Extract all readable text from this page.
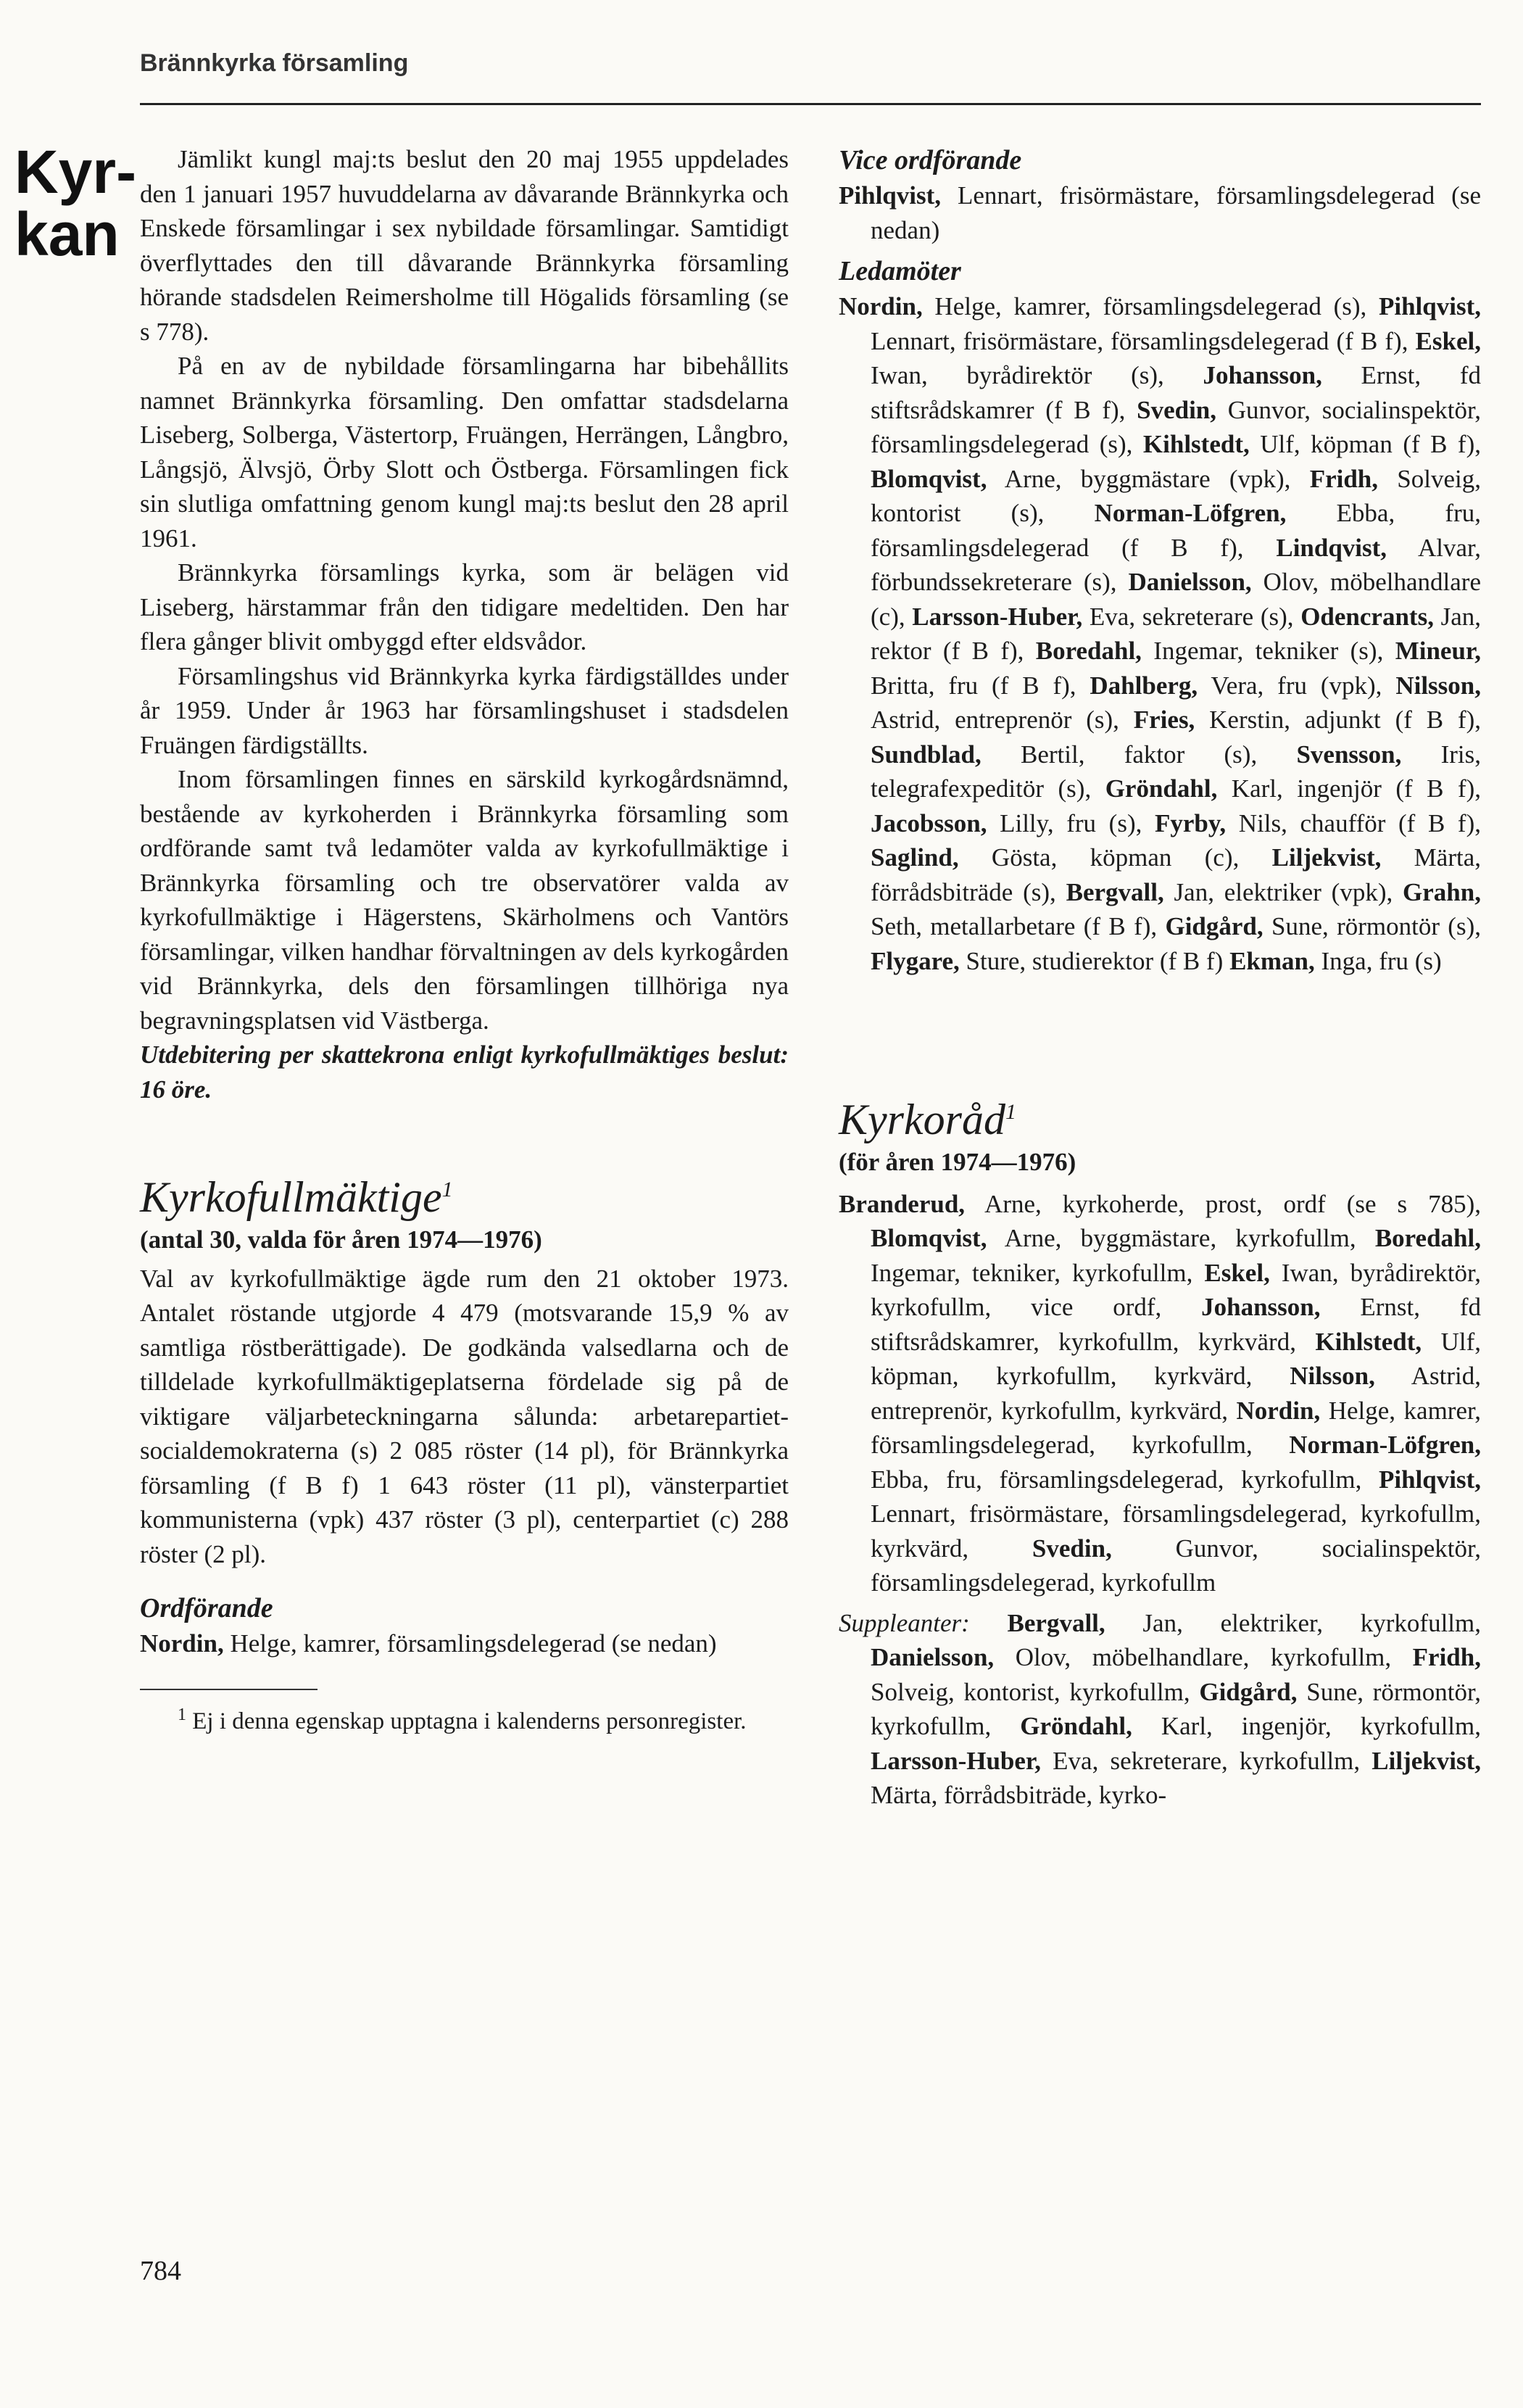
Brännkyrka församling
Kyr-
kan

Jämlikt kungl maj:ts beslut den 20 maj 1955 uppdelades den 1 januari 1957 huvuddelarna av dåvarande Brännkyrka och Enskede församlingar i sex nybildade församlingar. Samtidigt överflyttades den till dåvarande Brännkyrka församling hörande stadsdelen Reimersholme till Högalids församling (se s 778).

På en av de nybildade församlingarna har bibehållits namnet Brännkyrka församling. Den omfattar stadsdelarna Liseberg, Solberga, Västertorp, Fruängen, Herrängen, Långbro, Långsjö, Älvsjö, Örby Slott och Östberga. Församlingen fick sin slutliga omfattning genom kungl maj:ts beslut den 28 april 1961.

Brännkyrka församlings kyrka, som är belägen vid Liseberg, härstammar från den tidigare medeltiden. Den har flera gånger blivit ombyggd efter eldsvådor.

Församlingshus vid Brännkyrka kyrka färdigställdes under år 1959. Under år 1963 har församlingshuset i stadsdelen Fruängen färdigställts.

Inom församlingen finnes en särskild kyrkogårdsnämnd, bestående av kyrkoherden i Brännkyrka församling som ordförande samt två ledamöter valda av kyrkofullmäktige i Brännkyrka församling och tre observatörer valda av kyrkofullmäktige i Hägerstens, Skärholmens och Vantörs församlingar, vilken handhar förvaltningen av dels kyrkogården vid Brännkyrka, dels den församlingen tillhöriga nya begravningsplatsen vid Västberga.

Utdebitering per skattekrona enligt kyrkofullmäktiges beslut: 16 öre.

Kyrkofullmäktige$^1$

(antal 30, valda för åren 1974—1976)

Val av kyrkofullmäktige ägde rum den 21 oktober 1973. Antalet röstande utgjorde 4 479 (motsvarande 15,9 % av samtliga röstberättigade). De godkända valsedlarna och de tilldelade kyrkofullmäktigeplatserna fördelade sig på de viktigare väljarbeteckningarna sålunda: arbetarepartiet-socialdemokraterna (s) 2 085 röster (14 pl), för Brännkyrka församling (f B f) 1 643 röster (11 pl), vänsterpartiet kommunisterna (vpk) 437 röster (3 pl), centerpartiet (c) 288 röster (2 pl).

Ordförande

Nordin, Helge, kamrer, församlingsdelegerad (se nedan)

$^1$ Ej i denna egenskap upptagna i kalenderns personregister.

Vice ordförande

Pihlqvist, Lennart, frisörmästare, församlingsdelegerad (se nedan)

Ledamöter

Nordin, Helge, kamrer, församlingsdelegerad (s), Pihlqvist, Lennart, frisörmästare, församlingsdelegerad (f B f), Eskel, Iwan, byrådirektör (s), Johansson, Ernst, fd stiftsrådskamrer (f B f), Svedin, Gunvor, socialinspektör, församlingsdelegerad (s), Kihlstedt, Ulf, köpman (f B f), Blomqvist, Arne, byggmästare (vpk), Fridh, Solveig, kontorist (s), Norman-Löfgren, Ebba, fru, församlingsdelegerad (f B f), Lindqvist, Alvar, förbundssekreterare (s), Danielsson, Olov, möbelhandlare (c), Larsson-Huber, Eva, sekreterare (s), Odencrants, Jan, rektor (f B f), Boredahl, Ingemar, tekniker (s), Mineur, Britta, fru (f B f), Dahlberg, Vera, fru (vpk), Nilsson, Astrid, entreprenör (s), Fries, Kerstin, adjunkt (f B f), Sundblad, Bertil, faktor (s), Svensson, Iris, telegrafexpeditör (s), Gröndahl, Karl, ingenjör (f B f), Jacobsson, Lilly, fru (s), Fyrby, Nils, chaufför (f B f), Saglind, Gösta, köpman (c), Liljekvist, Märta, förrådsbiträde (s), Bergvall, Jan, elektriker (vpk), Grahn, Seth, metallarbetare (f B f), Gidgård, Sune, rörmontör (s), Flygare, Sture, studierektor (f B f) Ekman, Inga, fru (s)

Kyrkoråd$^1$

(för åren 1974—1976)

Branderud, Arne, kyrkoherde, prost, ordf (se s 785), Blomqvist, Arne, byggmästare, kyrkofullm, Boredahl, Ingemar, tekniker, kyrkofullm, Eskel, Iwan, byrådirektör, kyrkofullm, vice ordf, Johansson, Ernst, fd stiftsrådskamrer, kyrkofullm, kyrkvärd, Kihlstedt, Ulf, köpman, kyrkofullm, kyrkvärd, Nilsson, Astrid, entreprenör, kyrkofullm, kyrkvärd, Nordin, Helge, kamrer, församlingsdelegerad, kyrkofullm, Norman-Löfgren, Ebba, fru, församlingsdelegerad, kyrkofullm, Pihlqvist, Lennart, frisörmästare, församlingsdelegerad, kyrkofullm, kyrkvärd, Svedin, Gunvor, socialinspektör, församlingsdelegerad, kyrkofullm

Suppleanter: Bergvall, Jan, elektriker, kyrkofullm, Danielsson, Olov, möbelhandlare, kyrkofullm, Fridh, Solveig, kontorist, kyrkofullm, Gidgård, Sune, rörmontör, kyrkofullm, Gröndahl, Karl, ingenjör, kyrkofullm, Larsson-Huber, Eva, sekreterare, kyrkofullm, Liljekvist, Märta, förrådsbiträde, kyrko-

784
